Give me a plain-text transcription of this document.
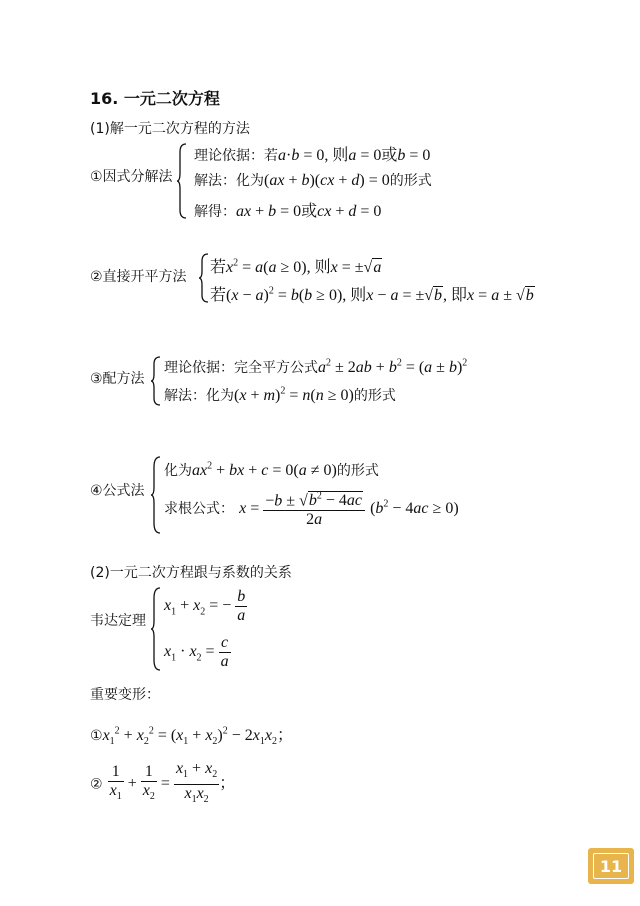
16. 一元二次方程
(1)解一元二次方程的方法
①因式分解法
理论依据：若a·b = 0, 则a = 0或b = 0
解法：化为(ax + b)(cx + d) = 0的形式
解得：ax + b = 0或cx + d = 0
②直接开平方法
若$x^2 = a(a \ge 0)$, 则x = ±√a
若$(x - a)^2 = b(b \ge 0)$, 则x − a = ±√b, 即x = a ± √b
③配方法
理论依据：完全平方公式$a^2 \pm 2ab + b^2 = (a \pm b)^2$
解法：化为$(x + m)^2 = n(n \ge 0)$的形式
④公式法
化为$ax^2$ + bx + c = 0(a ≠ 0)的形式
求根公式： $x = \frac{-b \pm √b^2 - 4ac}{2a} (b^2 - 4ac \ge 0)$
(2)一元二次方程跟与系数的关系
韦达定理
$x_1 + x_2$ = − $\frac{b}{a}$
$x_1 \cdot x_2 = \frac{c}{a}$
重要变形：
$①x_1^2 + x_2^2 = (x_1 + x_2)^2 - 2x_1x_2$；
② $\frac{1}{x_1} + \frac{1}{x_2} = \frac{x_1 + x_2}{x_1x_2}$ ；
11
